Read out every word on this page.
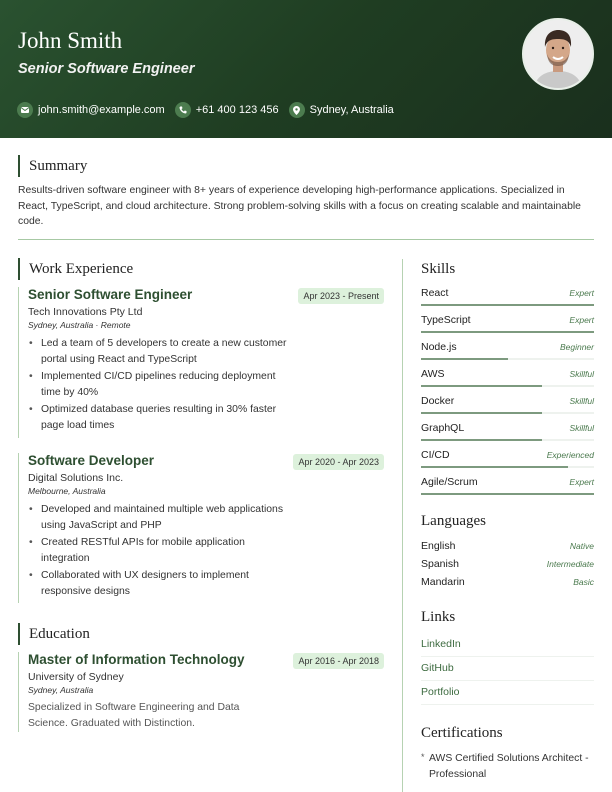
John Smith
Senior Software Engineer
john.smith@example.com	+61 400 123 456	Sydney, Australia
Summary
Results-driven software engineer with 8+ years of experience developing high-performance applications. Specialized in React, TypeScript, and cloud architecture. Strong problem-solving skills with a focus on creating scalable and maintainable code.
Work Experience
Senior Software Engineer	Apr 2023 - Present
Tech Innovations Pty Ltd
Sydney, Australia · Remote
• Led a team of 5 developers to create a new customer portal using React and TypeScript
• Implemented CI/CD pipelines reducing deployment time by 40%
• Optimized database queries resulting in 30% faster page load times
Software Developer	Apr 2020 - Apr 2023
Digital Solutions Inc.
Melbourne, Australia
• Developed and maintained multiple web applications using JavaScript and PHP
• Created RESTful APIs for mobile application integration
• Collaborated with UX designers to implement responsive designs
Education
Master of Information Technology	Apr 2016 - Apr 2018
University of Sydney
Sydney, Australia
Specialized in Software Engineering and Data Science. Graduated with Distinction.
Skills
React	Expert
TypeScript	Expert
Node.js	Beginner
AWS	Skillful
Docker	Skillful
GraphQL	Skillful
CI/CD	Experienced
Agile/Scrum	Expert
Languages
English	Native
Spanish	Intermediate
Mandarin	Basic
Links
LinkedIn
GitHub
Portfolio
Certifications
* AWS Certified Solutions Architect - Professional
